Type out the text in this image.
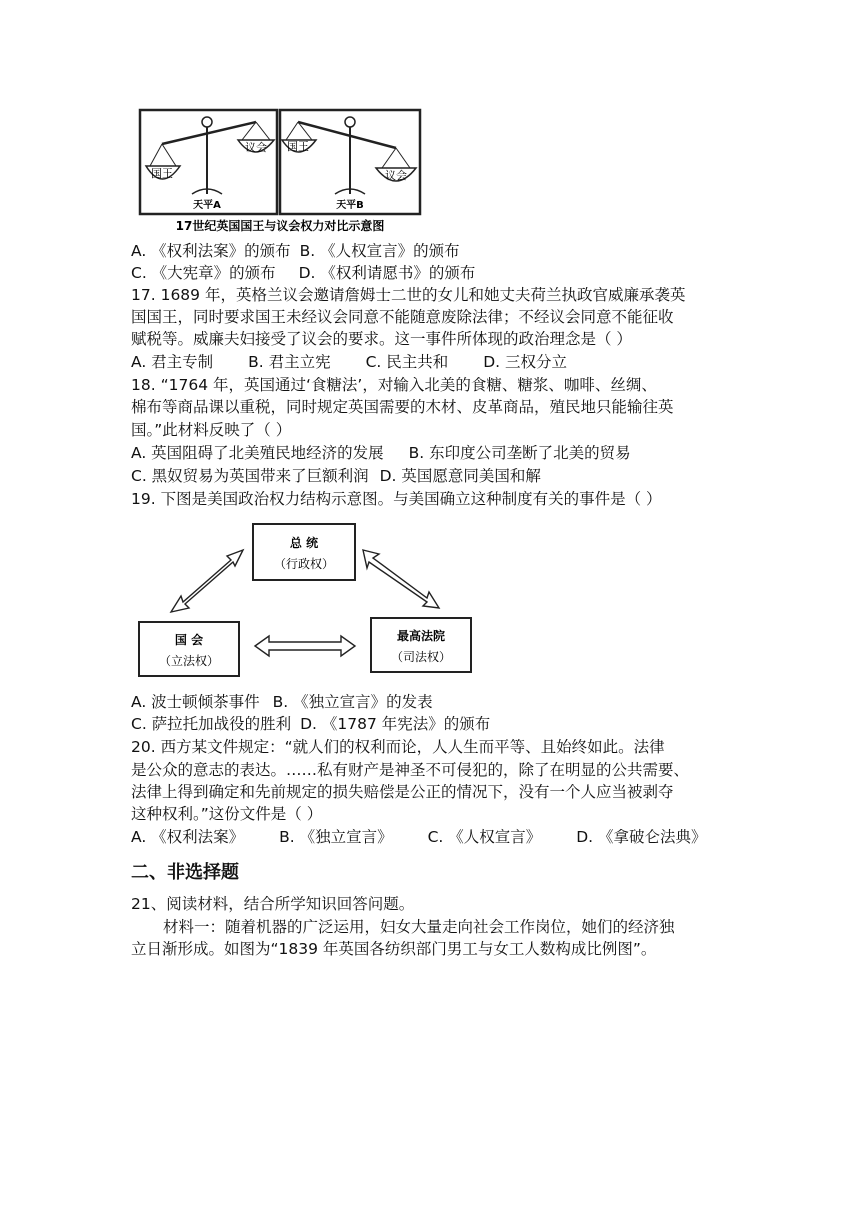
国王
议会
天平A
国王
议会
天平B
17世纪英国国王与议会权力对比示意图
A. 《权利法案》的颁布 B. 《人权宣言》的颁布
C. 《大宪章》的颁布 D. 《权利请愿书》的颁布
17. 1689 年，英格兰议会邀请詹姆士二世的女儿和她丈夫荷兰执政官威廉承袭英
国国王，同时要求国王未经议会同意不能随意废除法律；不经议会同意不能征收
赋税等。威廉夫妇接受了议会的要求。这一事件所体现的政治理念是（ ）
A. 君主专制 B. 君主立宪 C. 民主共和 D. 三权分立
18. “1764 年，英国通过‘食糖法’，对输入北美的食糖、糖浆、咖啡、丝绸、
棉布等商品课以重税，同时规定英国需要的木材、皮革商品，殖民地只能输往英
国。”此材料反映了（ ）
A. 英国阻碍了北美殖民地经济的发展 B. 东印度公司垄断了北美的贸易
C. 黑奴贸易为英国带来了巨额利润 D. 英国愿意同美国和解
19. 下图是美国政治权力结构示意图。与美国确立这种制度有关的事件是（ ）
总 统
（行政权）
国 会
（立法权）
最高法院
（司法权）
A. 波士顿倾茶事件 B. 《独立宣言》的发表
C. 萨拉托加战役的胜利 D. 《1787 年宪法》的颁布
20. 西方某文件规定：“就人们的权利而论，人人生而平等、且始终如此。法律
是公众的意志的表达。……私有财产是神圣不可侵犯的，除了在明显的公共需要、
法律上得到确定和先前规定的损失赔偿是公正的情况下，没有一个人应当被剥夺
这种权利。”这份文件是（ ）
A. 《权利法案》 B. 《独立宣言》 C. 《人权宣言》 D. 《拿破仑法典》
二、非选择题
21、阅读材料，结合所学知识回答问题。
材料一：随着机器的广泛运用，妇女大量走向社会工作岗位，她们的经济独
立日渐形成。如图为“1839 年英国各纺织部门男工与女工人数构成比例图”。
